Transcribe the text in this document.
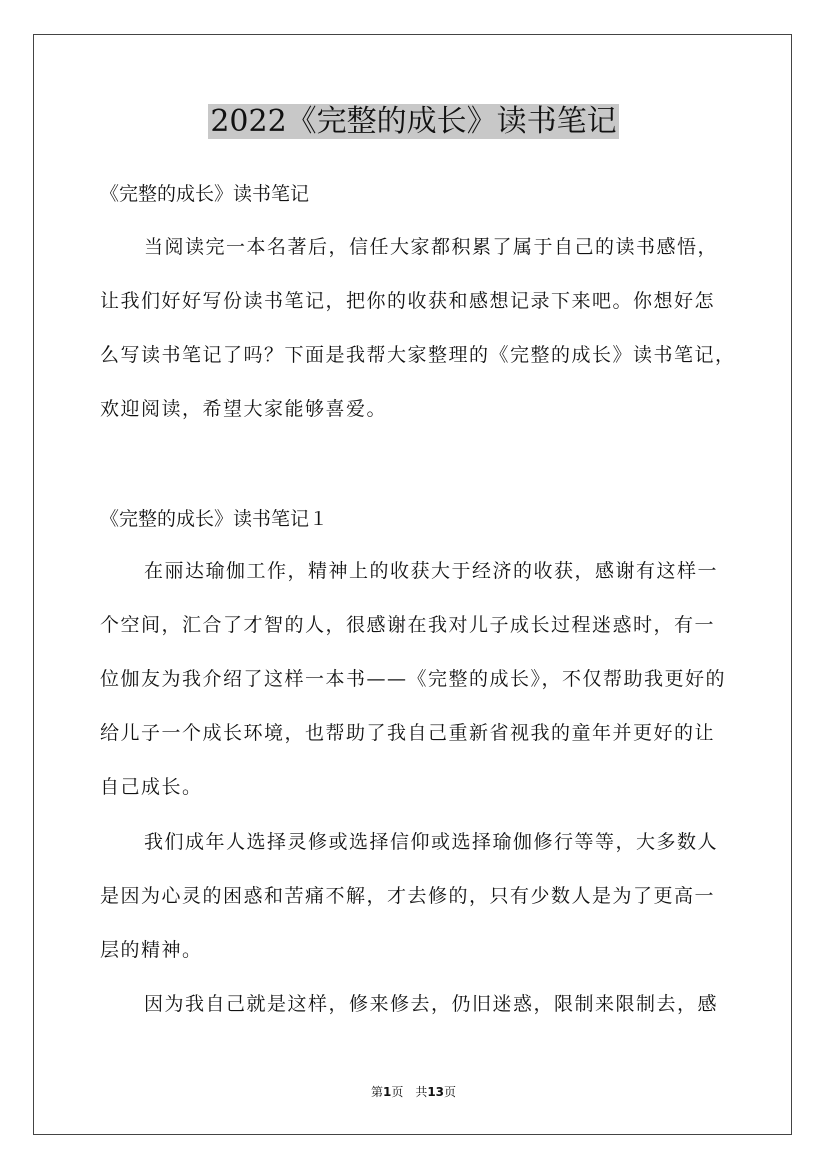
2022《完整的成长》读书笔记
《完整的成长》读书笔记
当阅读完一本名著后，信任大家都积累了属于自己的读书感悟，
让我们好好写份读书笔记，把你的收获和感想记录下来吧。你想好怎
么写读书笔记了吗？下面是我帮大家整理的《完整的成长》读书笔记，
欢迎阅读，希望大家能够喜爱。
《完整的成长》读书笔记１
在丽达瑜伽工作，精神上的收获大于经济的收获，感谢有这样一
个空间，汇合了才智的人，很感谢在我对儿子成长过程迷惑时，有一
位伽友为我介绍了这样一本书——《完整的成长》，不仅帮助我更好的
给儿子一个成长环境，也帮助了我自己重新省视我的童年并更好的让
自己成长。
我们成年人选择灵修或选择信仰或选择瑜伽修行等等，大多数人
是因为心灵的困惑和苦痛不解，才去修的，只有少数人是为了更高一
层的精神。
因为我自己就是这样，修来修去，仍旧迷惑，限制来限制去，感
第1页　共13页
